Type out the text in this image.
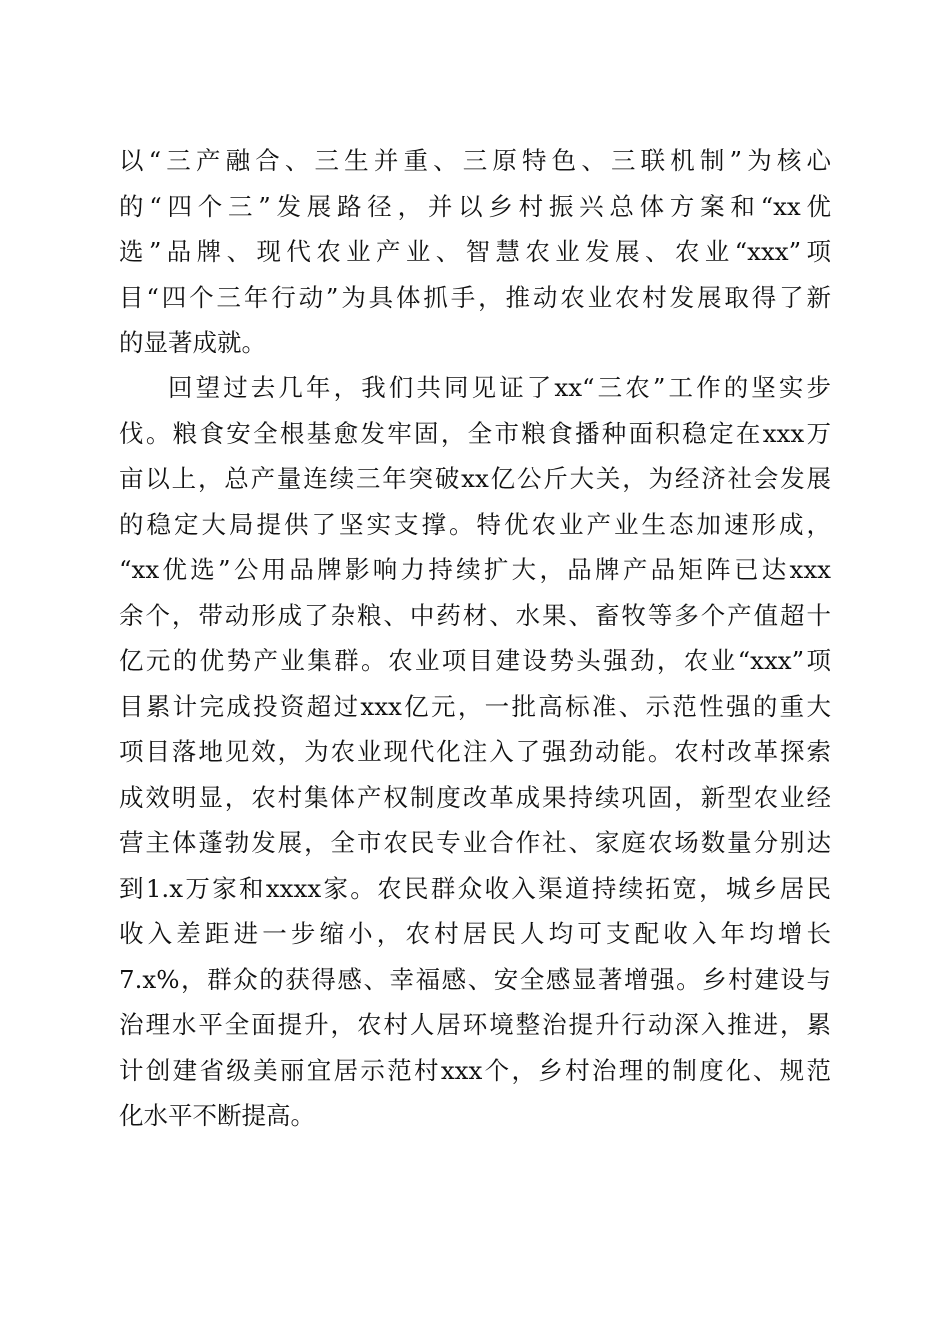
以“三产融合、三生并重、三原特色、三联机制”为核心
的“四个三”发展路径，并以乡村振兴总体方案和“xx优
选”品牌、现代农业产业、智慧农业发展、农业“xxx”项
目“四个三年行动”为具体抓手，推动农业农村发展取得了新
的显著成就。
回望过去几年，我们共同见证了xx“三农”工作的坚实步
伐。粮食安全根基愈发牢固，全市粮食播种面积稳定在xxx万
亩以上，总产量连续三年突破xx亿公斤大关，为经济社会发展
的稳定大局提供了坚实支撑。特优农业产业生态加速形成，
“xx优选”公用品牌影响力持续扩大，品牌产品矩阵已达xxx
余个，带动形成了杂粮、中药材、水果、畜牧等多个产值超十
亿元的优势产业集群。农业项目建设势头强劲，农业“xxx”项
目累计完成投资超过xxx亿元，一批高标准、示范性强的重大
项目落地见效，为农业现代化注入了强劲动能。农村改革探索
成效明显，农村集体产权制度改革成果持续巩固，新型农业经
营主体蓬勃发展，全市农民专业合作社、家庭农场数量分别达
到1.x万家和xxxx家。农民群众收入渠道持续拓宽，城乡居民
收入差距进一步缩小，农村居民人均可支配收入年均增长
7.x%，群众的获得感、幸福感、安全感显著增强。乡村建设与
治理水平全面提升，农村人居环境整治提升行动深入推进，累
计创建省级美丽宜居示范村xxx个，乡村治理的制度化、规范
化水平不断提高。
